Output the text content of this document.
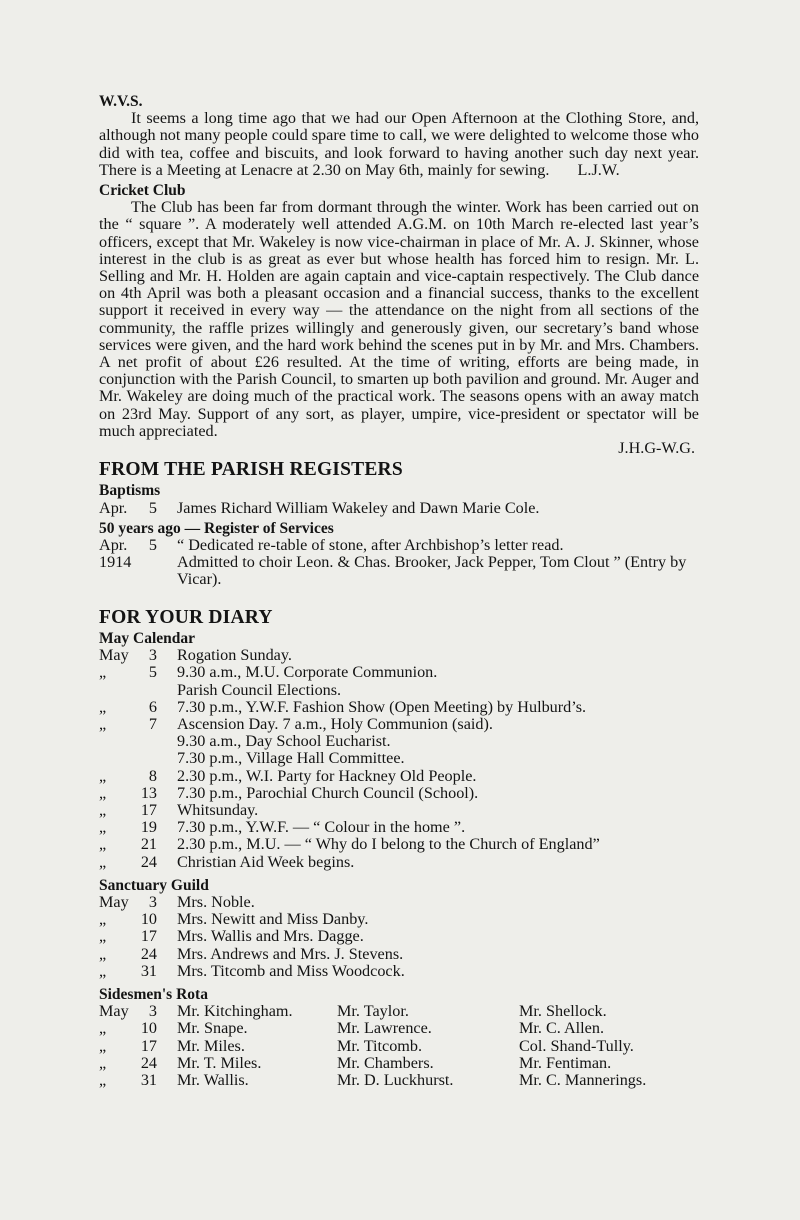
W.V.S.
It seems a long time ago that we had our Open Afternoon at the Clothing Store, and, although not many people could spare time to call, we were delighted to welcome those who did with tea, coffee and biscuits, and look forward to having another such day next year. There is a Meeting at Lenacre at 2.30 on May 6th, mainly for sewing. L.J.W.
Cricket Club
The Club has been far from dormant through the winter. Work has been carried out on the “ square ”. A moderately well attended A.G.M. on 10th March re-elected last year’s officers, except that Mr. Wakeley is now vice-chairman in place of Mr. A. J. Skinner, whose interest in the club is as great as ever but whose health has forced him to resign. Mr. L. Selling and Mr. H. Holden are again captain and vice-captain respectively. The Club dance on 4th April was both a pleasant occasion and a financial success, thanks to the excellent support it received in every way — the attendance on the night from all sections of the community, the raffle prizes willingly and generously given, our secretary’s band whose services were given, and the hard work behind the scenes put in by Mr. and Mrs. Chambers. A net profit of about £26 resulted. At the time of writing, efforts are being made, in conjunction with the Parish Council, to smarten up both pavilion and ground. Mr. Auger and Mr. Wakeley are doing much of the practical work. The seasons opens with an away match on 23rd May. Support of any sort, as player, umpire, vice-president or spectator will be much appreciated.
J.H.G-W.G.
FROM THE PARISH REGISTERS
Baptisms
Apr.	5	James Richard William Wakeley and Dawn Marie Cole.
50 years ago — Register of Services
Apr.	5	“ Dedicated re-table of stone, after Archbishop’s letter read.
1914	Admitted to choir Leon. & Chas. Brooker, Jack Pepper, Tom Clout ” (Entry by Vicar).
FOR YOUR DIARY
May Calendar
May	3	Rogation Sunday.
„	5	9.30 a.m., M.U. Corporate Communion.
Parish Council Elections.
„	6	7.30 p.m., Y.W.F. Fashion Show (Open Meeting) by Hulburd’s.
„	7	Ascension Day. 7 a.m., Holy Communion (said).
9.30 a.m., Day School Eucharist.
7.30 p.m., Village Hall Committee.
„	8	2.30 p.m., W.I. Party for Hackney Old People.
„	13	7.30 p.m., Parochial Church Council (School).
„	17	Whitsunday.
„	19	7.30 p.m., Y.W.F. — “ Colour in the home ”.
„	21	2.30 p.m., M.U. — “ Why do I belong to the Church of England”
„	24	Christian Aid Week begins.
Sanctuary Guild
May	3	Mrs. Noble.
„	10	Mrs. Newitt and Miss Danby.
„	17	Mrs. Wallis and Mrs. Dagge.
„	24	Mrs. Andrews and Mrs. J. Stevens.
„	31	Mrs. Titcomb and Miss Woodcock.
Sidesmen's Rota
May	3	Mr. Kitchingham.	Mr. Taylor.	Mr. Shellock.
„	10	Mr. Snape.	Mr. Lawrence.	Mr. C. Allen.
„	17	Mr. Miles.	Mr. Titcomb.	Col. Shand-Tully.
„	24	Mr. T. Miles.	Mr. Chambers.	Mr. Fentiman.
„	31	Mr. Wallis.	Mr. D. Luckhurst.	Mr. C. Mannerings.
